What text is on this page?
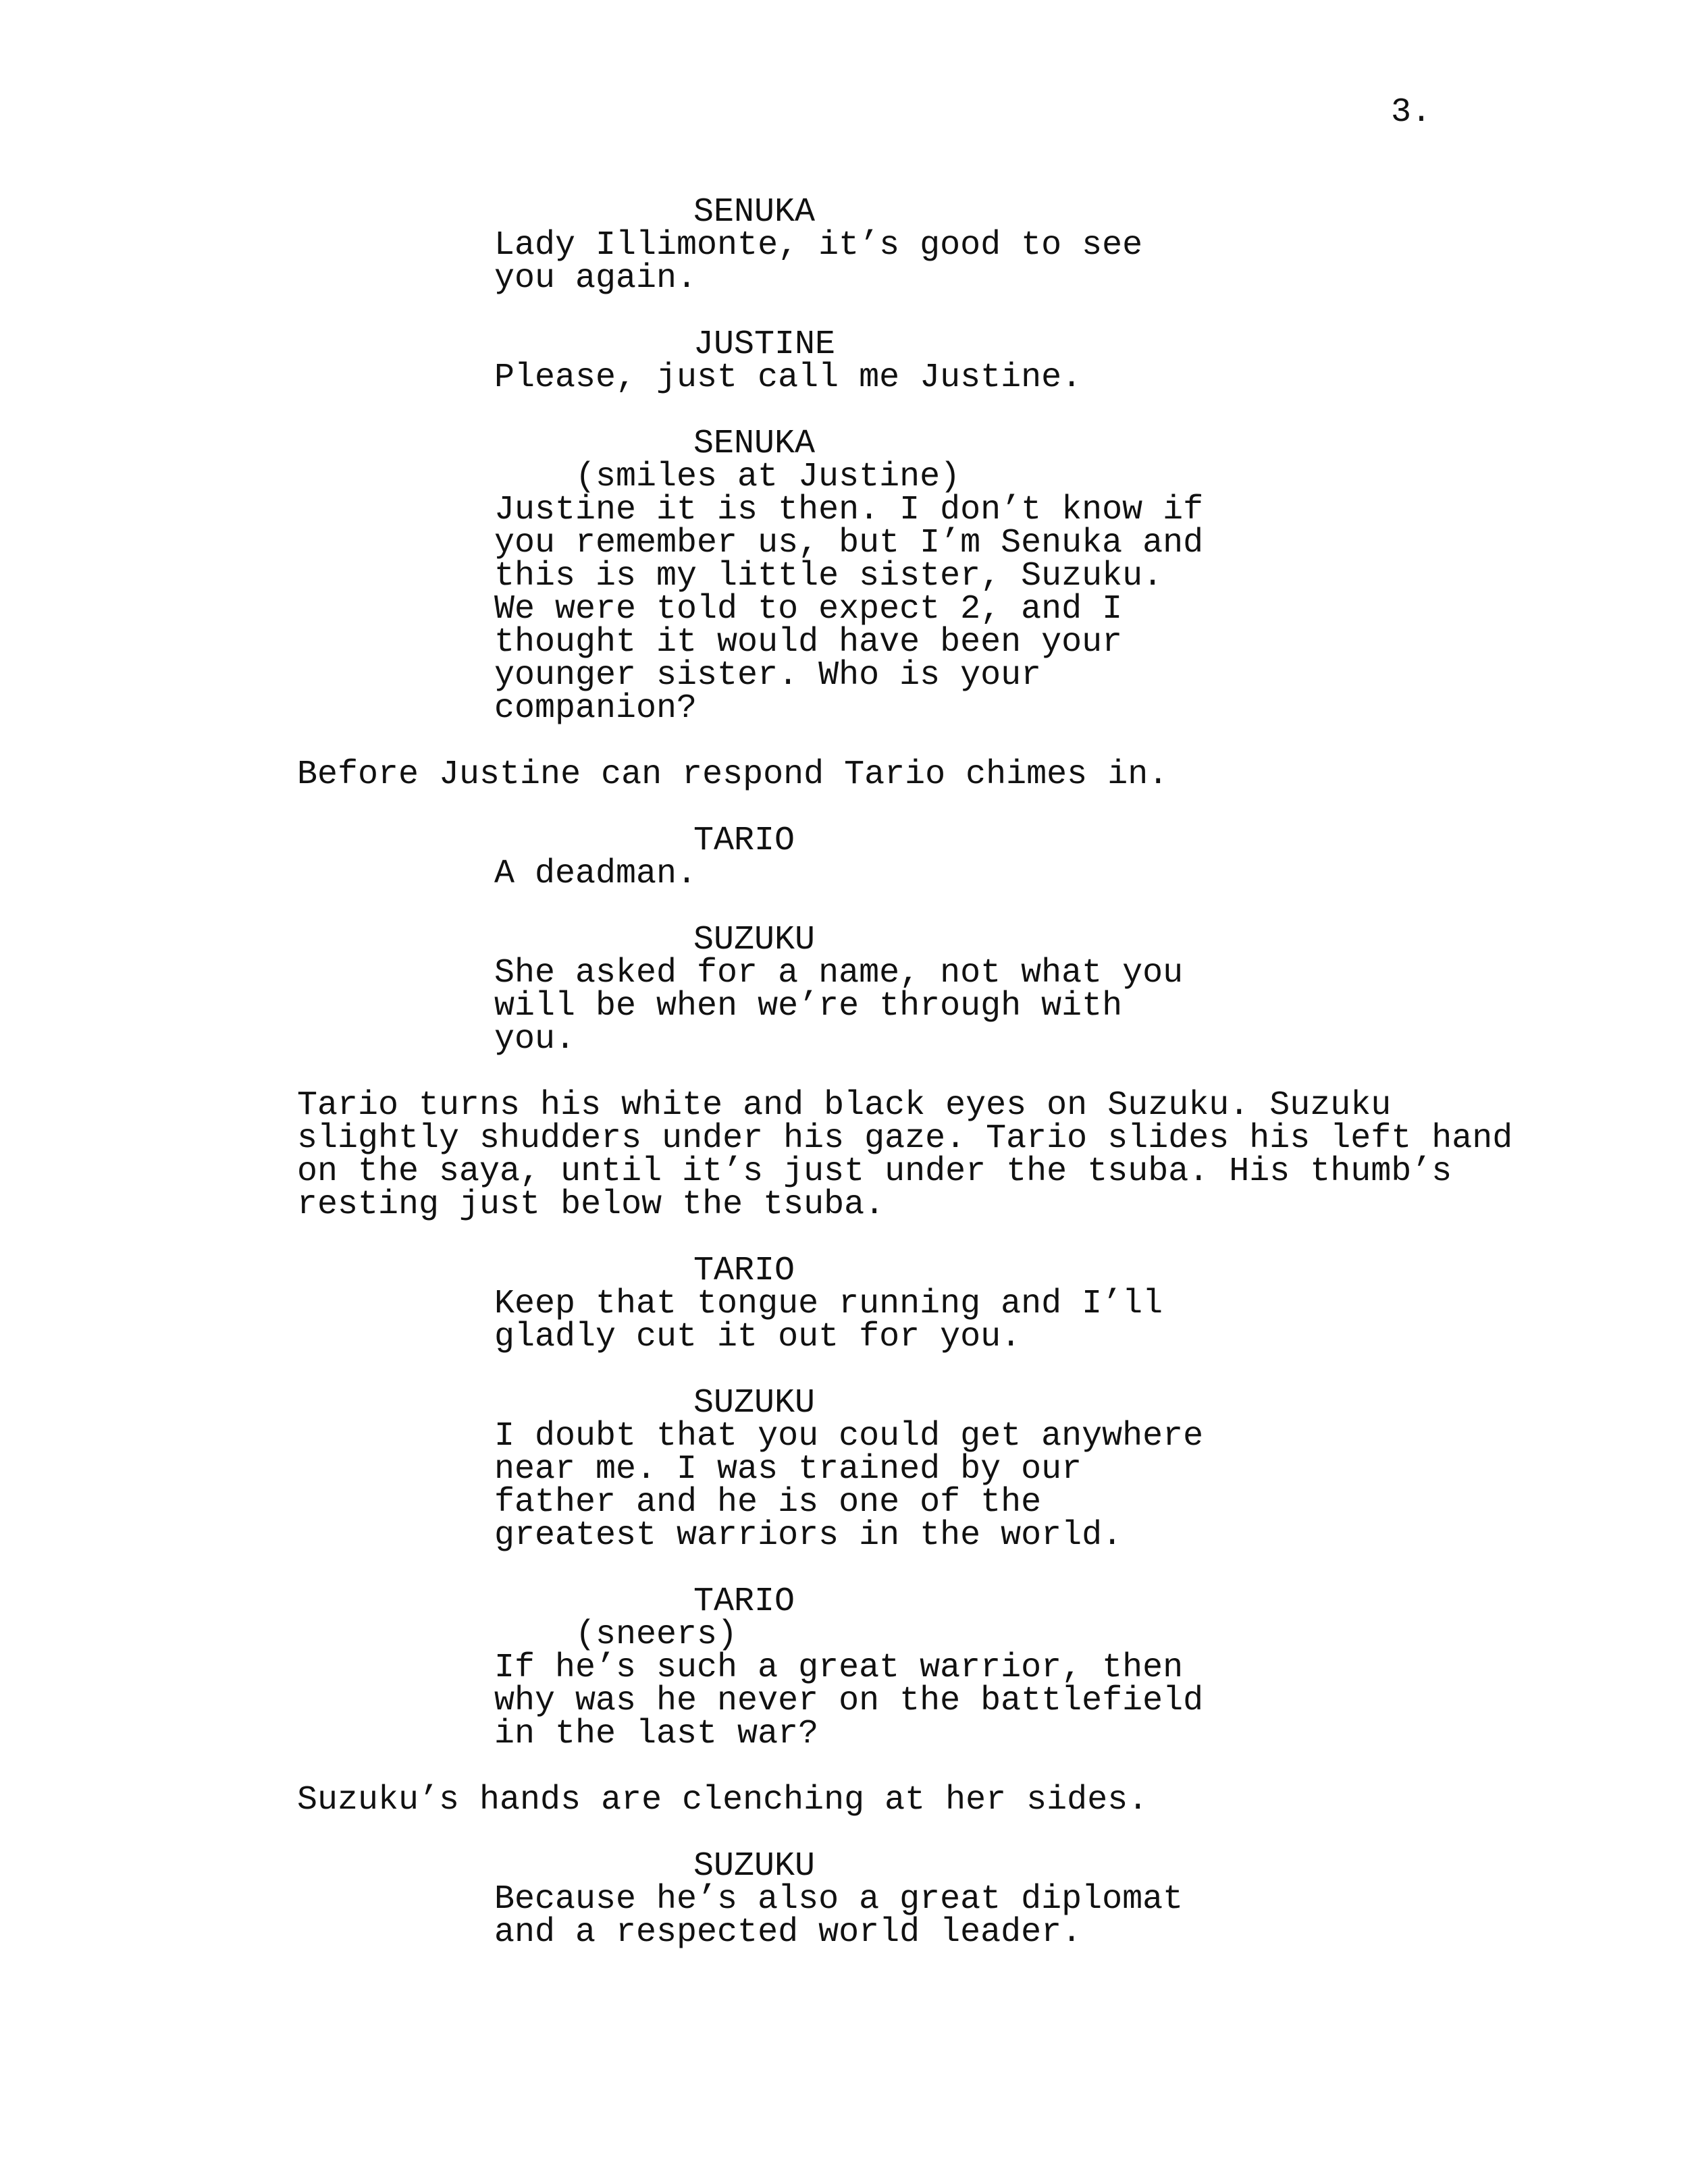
3.
SENUKA
Lady Illimonte, it’s good to see
you again.
JUSTINE
Please, just call me Justine.
SENUKA
(smiles at Justine)
Justine it is then. I don’t know if
you remember us, but I’m Senuka and
this is my little sister, Suzuku.
We were told to expect 2, and I
thought it would have been your
younger sister. Who is your
companion?
Before Justine can respond Tario chimes in.
TARIO
A deadman.
SUZUKU
She asked for a name, not what you
will be when we’re through with
you.
Tario turns his white and black eyes on Suzuku. Suzuku
slightly shudders under his gaze. Tario slides his left hand
on the saya, until it’s just under the tsuba. His thumb’s
resting just below the tsuba.
TARIO
Keep that tongue running and I’ll
gladly cut it out for you.
SUZUKU
I doubt that you could get anywhere
near me. I was trained by our
father and he is one of the
greatest warriors in the world.
TARIO
(sneers)
If he’s such a great warrior, then
why was he never on the battlefield
in the last war?
Suzuku’s hands are clenching at her sides.
SUZUKU
Because he’s also a great diplomat
and a respected world leader.
